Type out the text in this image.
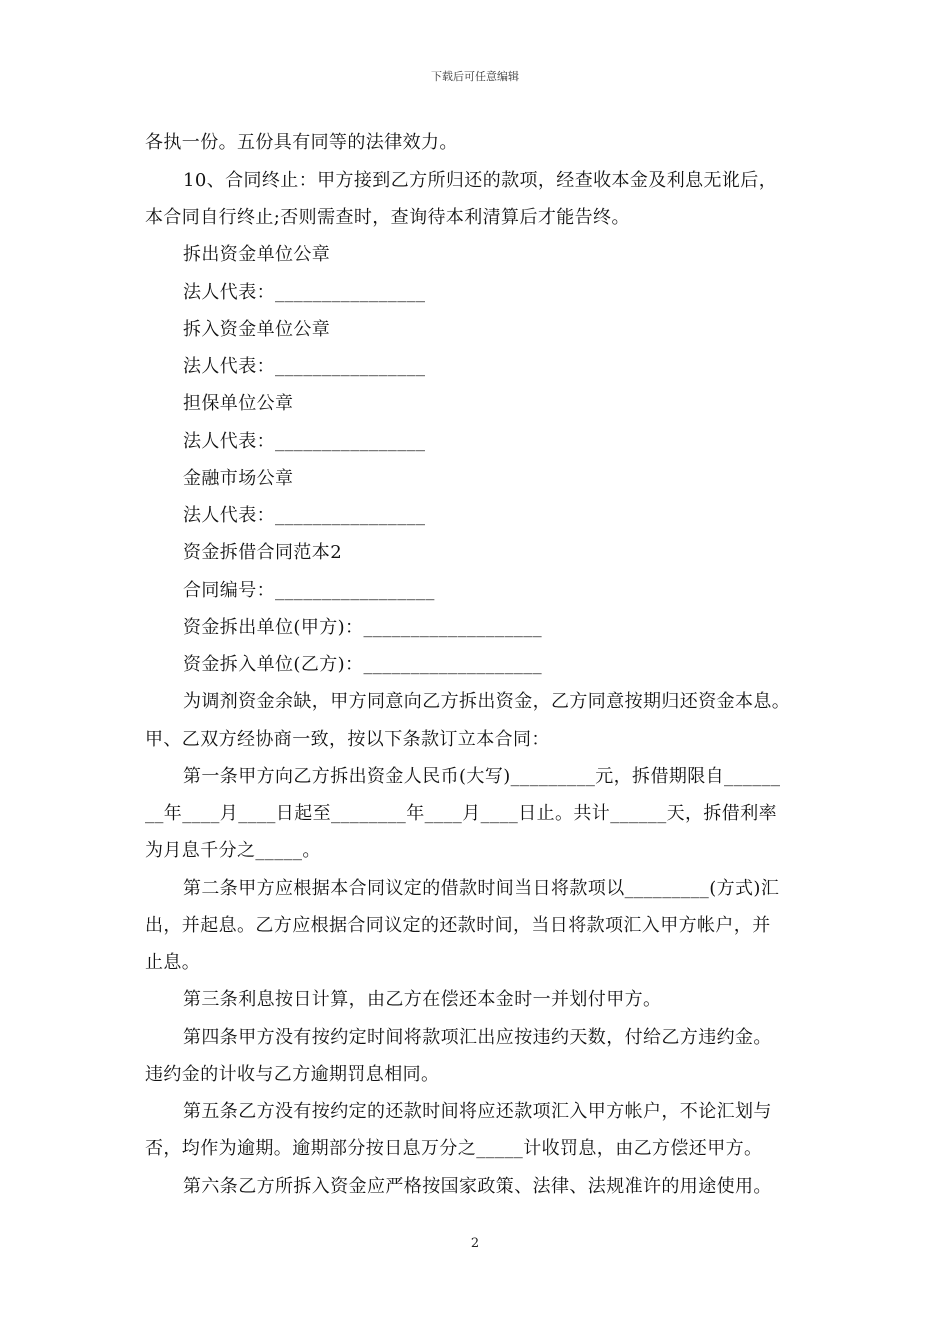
下载后可任意编辑
各执一份。五份具有同等的法律效力。
10、合同终止：甲方接到乙方所归还的款项，经查收本金及利息无讹后，
本合同自行终止;否则需查时，查询待本利清算后才能告终。
拆出资金单位公章
法人代表：________________
拆入资金单位公章
法人代表：________________
担保单位公章
法人代表：________________
金融市场公章
法人代表：________________
资金拆借合同范本2
合同编号：_________________
资金拆出单位(甲方)：___________________
资金拆入单位(乙方)：___________________
为调剂资金余缺，甲方同意向乙方拆出资金，乙方同意按期归还资金本息。
甲、乙双方经协商一致，按以下条款订立本合同：
第一条甲方向乙方拆出资金人民币(大写)_________元，拆借期限自______
__年____月____日起至________年____月____日止。共计______天，拆借利率
为月息千分之_____。
第二条甲方应根据本合同议定的借款时间当日将款项以_________(方式)汇
出，并起息。乙方应根据合同议定的还款时间，当日将款项汇入甲方帐户，并
止息。
第三条利息按日计算，由乙方在偿还本金时一并划付甲方。
第四条甲方没有按约定时间将款项汇出应按违约天数，付给乙方违约金。
违约金的计收与乙方逾期罚息相同。
第五条乙方没有按约定的还款时间将应还款项汇入甲方帐户，不论汇划与
否，均作为逾期。逾期部分按日息万分之_____计收罚息，由乙方偿还甲方。
第六条乙方所拆入资金应严格按国家政策、法律、法规准许的用途使用。
2
